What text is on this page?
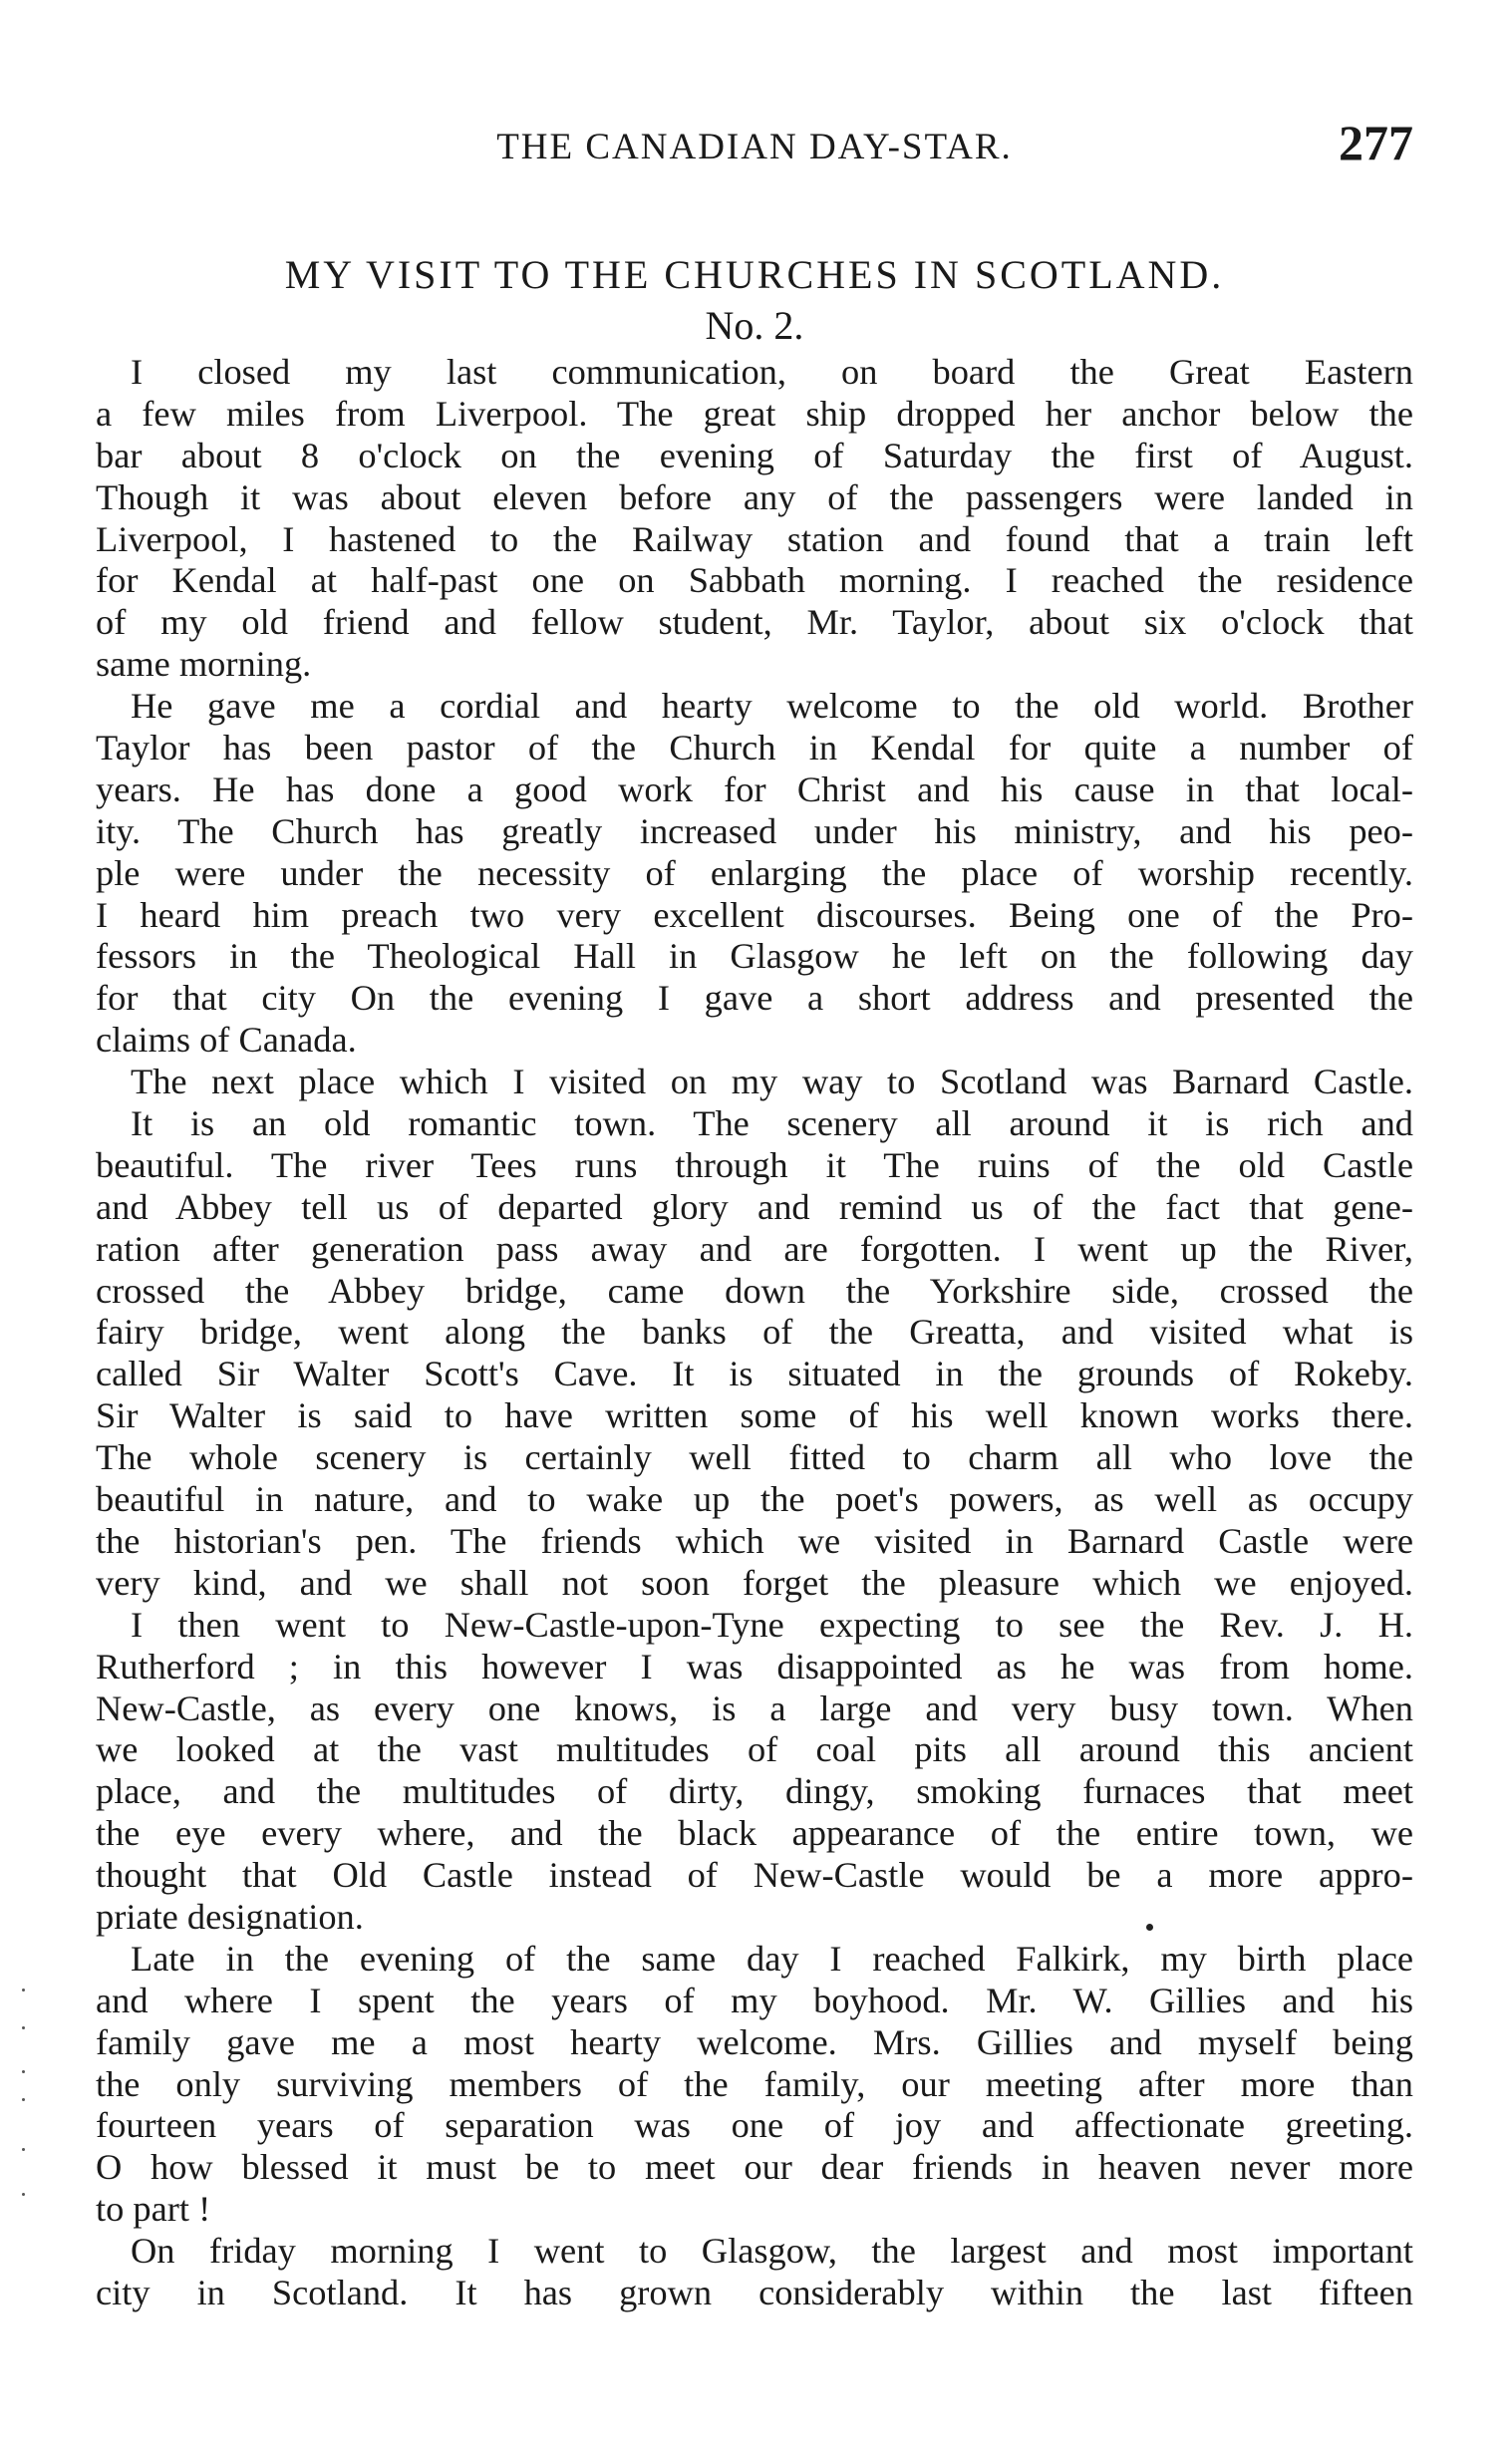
THE CANADIAN DAY-STAR.	277
MY VISIT TO THE CHURCHES IN SCOTLAND.
No. 2.
I closed my last communication, on board the Great Eastern
a few miles from Liverpool. The great ship dropped her anchor below the
bar about 8 o'clock on the evening of Saturday the first of August.
Though it was about eleven before any of the passengers were landed in
Liverpool, I hastened to the Railway station and found that a train left
for Kendal at half-past one on Sabbath morning. I reached the residence
of my old friend and fellow student, Mr. Taylor, about six o'clock that
same morning.
He gave me a cordial and hearty welcome to the old world. Brother
Taylor has been pastor of the Church in Kendal for quite a number of
years. He has done a good work for Christ and his cause in that local-
ity. The Church has greatly increased under his ministry, and his peo-
ple were under the necessity of enlarging the place of worship recently.
I heard him preach two very excellent discourses. Being one of the Pro-
fessors in the Theological Hall in Glasgow he left on the following day
for that city On the evening I gave a short address and presented the
claims of Canada.
The next place which I visited on my way to Scotland was Barnard Castle.
It is an old romantic town. The scenery all around it is rich and
beautiful. The river Tees runs through it The ruins of the old Castle
and Abbey tell us of departed glory and remind us of the fact that gene-
ration after generation pass away and are forgotten. I went up the River,
crossed the Abbey bridge, came down the Yorkshire side, crossed the
fairy bridge, went along the banks of the Greatta, and visited what is
called Sir Walter Scott's Cave. It is situated in the grounds of Rokeby.
Sir Walter is said to have written some of his well known works there.
The whole scenery is certainly well fitted to charm all who love the
beautiful in nature, and to wake up the poet's powers, as well as occupy
the historian's pen. The friends which we visited in Barnard Castle were
very kind, and we shall not soon forget the pleasure which we enjoyed.
I then went to New-Castle-upon-Tyne expecting to see the Rev. J. H.
Rutherford ; in this however I was disappointed as he was from home.
New-Castle, as every one knows, is a large and very busy town. When
we looked at the vast multitudes of coal pits all around this ancient
place, and the multitudes of dirty, dingy, smoking furnaces that meet
the eye every where, and the black appearance of the entire town, we
thought that Old Castle instead of New-Castle would be a more appro-
priate designation.
Late in the evening of the same day I reached Falkirk, my birth place
and where I spent the years of my boyhood. Mr. W. Gillies and his
family gave me a most hearty welcome. Mrs. Gillies and myself being
the only surviving members of the family, our meeting after more than
fourteen years of separation was one of joy and affectionate greeting.
O how blessed it must be to meet our dear friends in heaven never more
to part !
On friday morning I went to Glasgow, the largest and most important
city in Scotland. It has grown considerably within the last fifteen
